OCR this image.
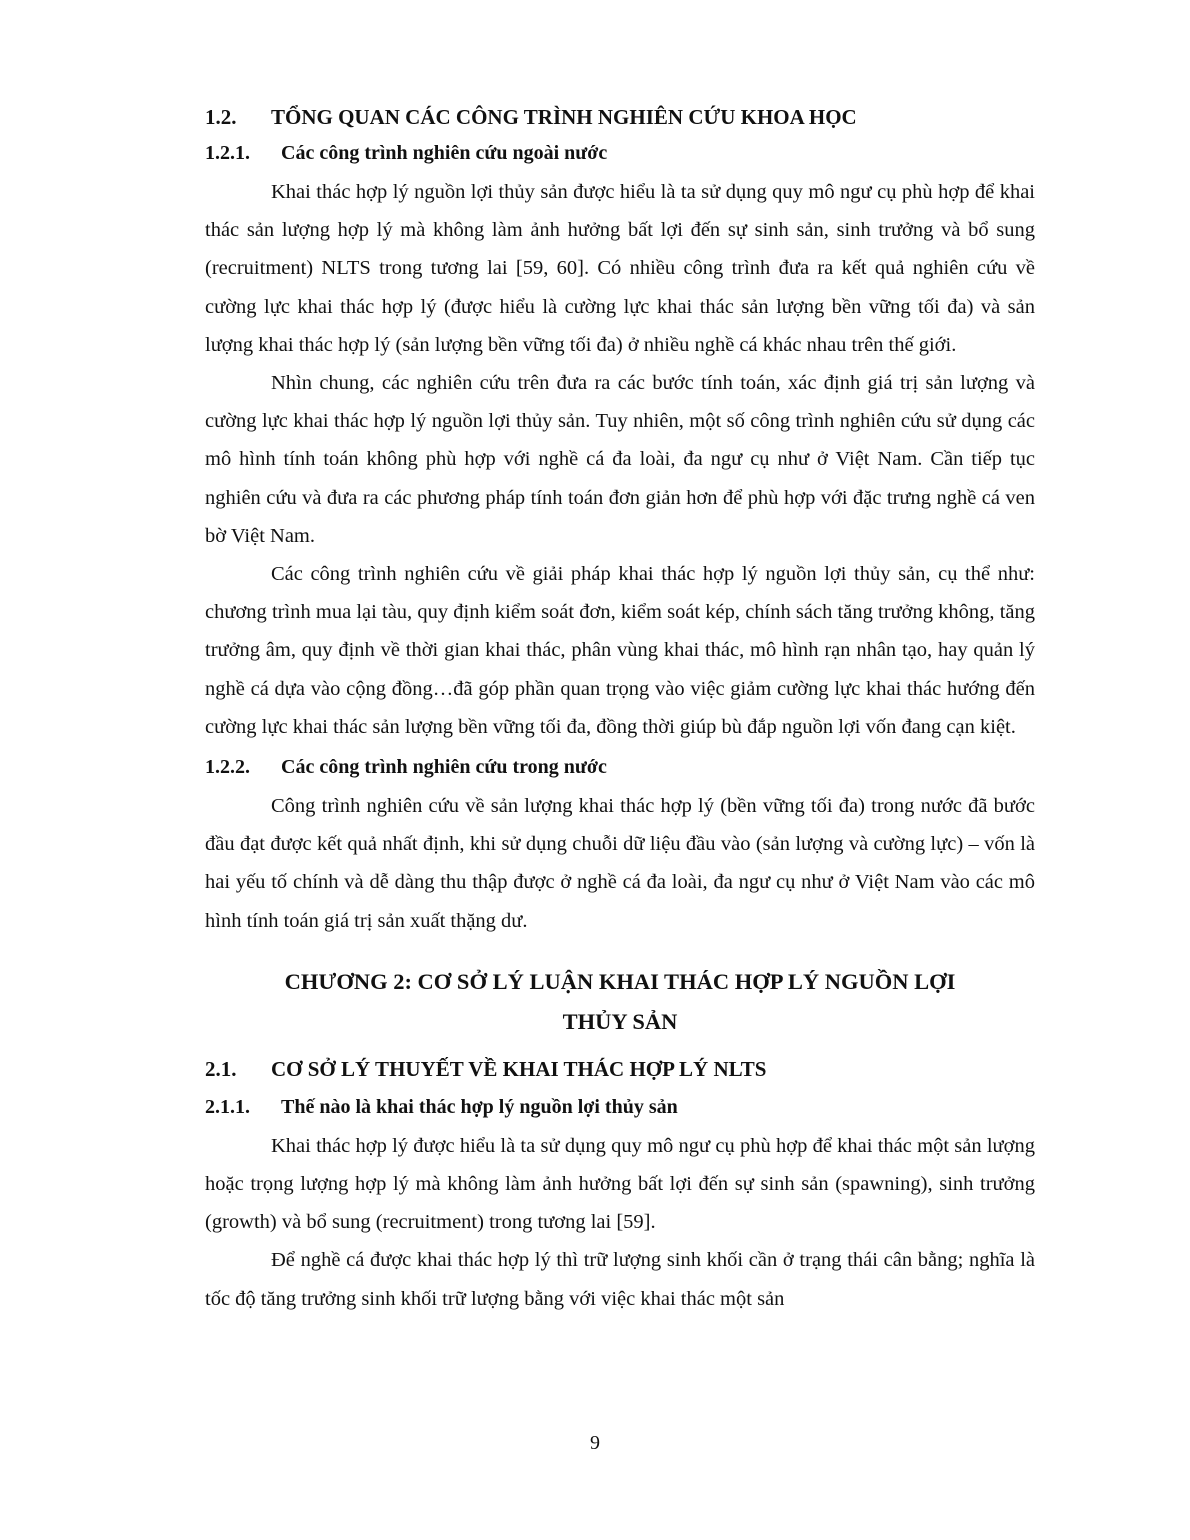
1.2.	TỔNG QUAN CÁC CÔNG TRÌNH NGHIÊN CỨU KHOA HỌC
1.2.1.	Các công trình nghiên cứu ngoài nước

Khai thác hợp lý nguồn lợi thủy sản được hiểu là ta sử dụng quy mô ngư cụ phù hợp để khai thác sản lượng hợp lý mà không làm ảnh hưởng bất lợi đến sự sinh sản, sinh trưởng và bổ sung (recruitment) NLTS trong tương lai [59, 60]. Có nhiều công trình đưa ra kết quả nghiên cứu về cường lực khai thác hợp lý (được hiểu là cường lực khai thác sản lượng bền vững tối đa) và sản lượng khai thác hợp lý (sản lượng bền vững tối đa) ở nhiều nghề cá khác nhau trên thế giới.

Nhìn chung, các nghiên cứu trên đưa ra các bước tính toán, xác định giá trị sản lượng và cường lực khai thác hợp lý nguồn lợi thủy sản. Tuy nhiên, một số công trình nghiên cứu sử dụng các mô hình tính toán không phù hợp với nghề cá đa loài, đa ngư cụ như ở Việt Nam. Cần tiếp tục nghiên cứu và đưa ra các phương pháp tính toán đơn giản hơn để phù hợp với đặc trưng nghề cá ven bờ Việt Nam.

Các công trình nghiên cứu về giải pháp khai thác hợp lý nguồn lợi thủy sản, cụ thể như: chương trình mua lại tàu, quy định kiểm soát đơn, kiểm soát kép, chính sách tăng trưởng không, tăng trưởng âm, quy định về thời gian khai thác, phân vùng khai thác, mô hình rạn nhân tạo, hay quản lý nghề cá dựa vào cộng đồng…đã góp phần quan trọng vào việc giảm cường lực khai thác hướng đến cường lực khai thác sản lượng bền vững tối đa, đồng thời giúp bù đắp nguồn lợi vốn đang cạn kiệt.

1.2.2.	Các công trình nghiên cứu trong nước

Công trình nghiên cứu về sản lượng khai thác hợp lý (bền vững tối đa) trong nước đã bước đầu đạt được kết quả nhất định, khi sử dụng chuỗi dữ liệu đầu vào (sản lượng và cường lực) – vốn là hai yếu tố chính và dễ dàng thu thập được ở nghề cá đa loài, đa ngư cụ như ở Việt Nam vào các mô hình tính toán giá trị sản xuất thặng dư.

CHƯƠNG 2: CƠ SỞ LÝ LUẬN KHAI THÁC HỢP LÝ NGUỒN LỢI

THỦY SẢN

2.1.	CƠ SỞ LÝ THUYẾT VỀ KHAI THÁC HỢP LÝ NLTS
2.1.1.	Thế nào là khai thác hợp lý nguồn lợi thủy sản

Khai thác hợp lý được hiểu là ta sử dụng quy mô ngư cụ phù hợp để khai thác một sản lượng hoặc trọng lượng hợp lý mà không làm ảnh hưởng bất lợi đến sự sinh sản (spawning), sinh trưởng (growth) và bổ sung (recruitment) trong tương lai [59].

Để nghề cá được khai thác hợp lý thì trữ lượng sinh khối cần ở trạng thái cân bằng; nghĩa là tốc độ tăng trưởng sinh khối trữ lượng bằng với việc khai thác một sản

9
